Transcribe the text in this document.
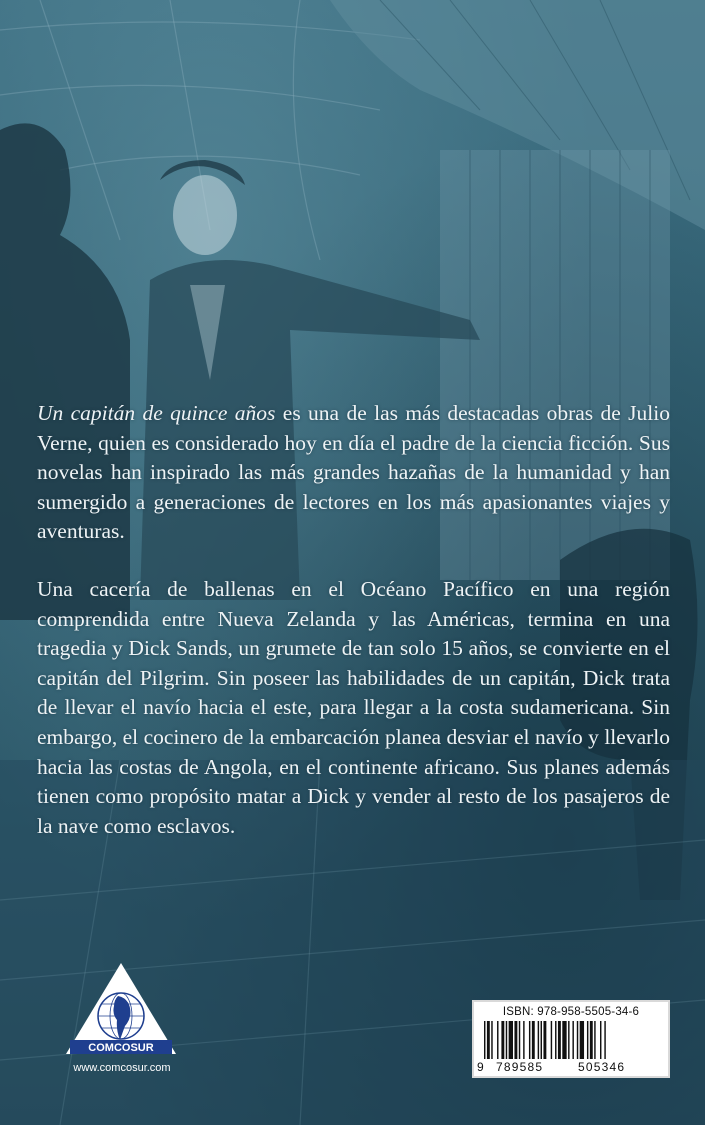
Un capitán de quince años es una de las más destacadas obras de Julio Verne, quien es considerado hoy en día el padre de la ciencia ficción. Sus novelas han inspirado las más grandes hazañas de la humanidad y han sumergido a generaciones de lectores en los más apasionantes viajes y aventuras.

Una cacería de ballenas en el Océano Pacífico en una región comprendida entre Nueva Zelanda y las Américas, termina en una tragedia y Dick Sands, un grumete de tan solo 15 años, se convierte en el capitán del Pilgrim. Sin poseer las habilidades de un capitán, Dick trata de llevar el navío hacia el este, para llegar a la costa sudamericana. Sin embargo, el cocinero de la embarcación planea desviar el navío y llevarlo hacia las costas de Angola, en el continente africano. Sus planes además tienen como propósito matar a Dick y vender al resto de los pasajeros de la nave como esclavos.

COMCOSUR
www.comcosur.com
ISBN: 978-958-5505-34-6
9 789585	505346
